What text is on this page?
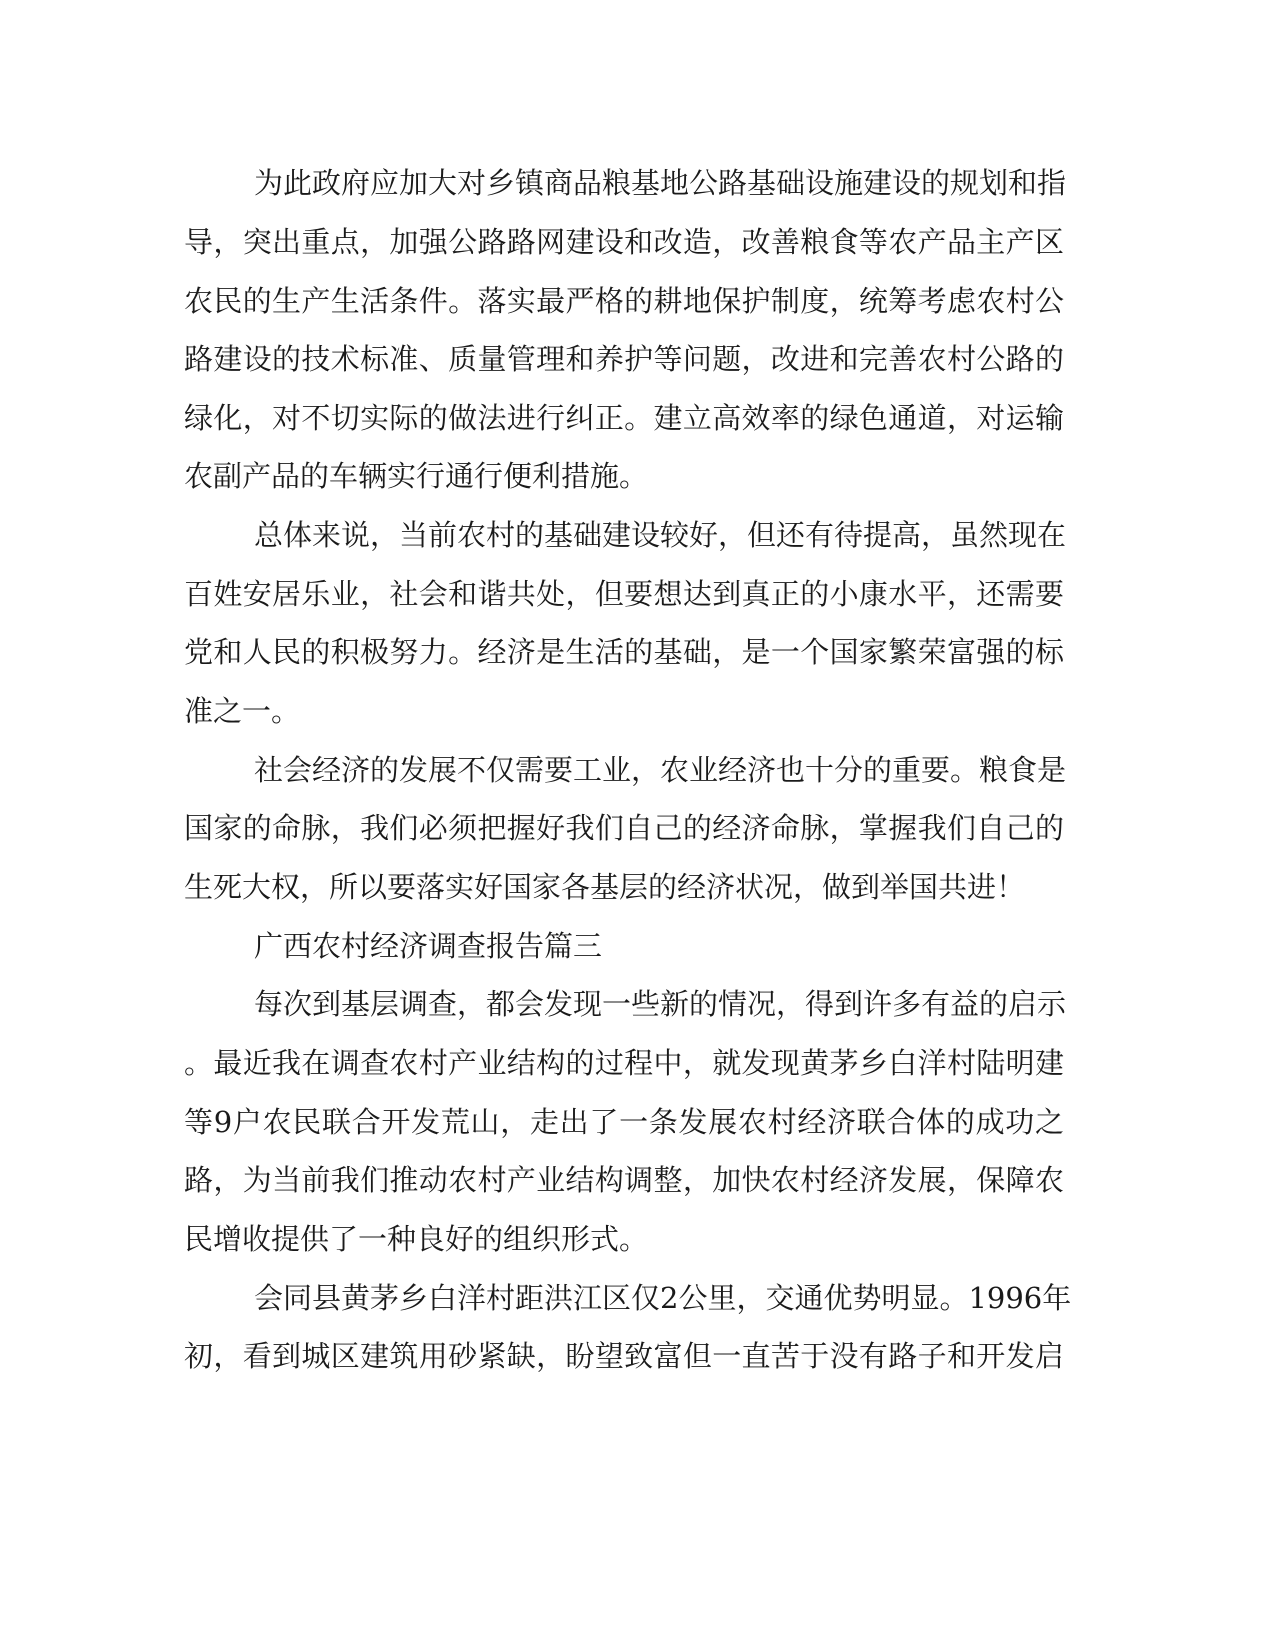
为此政府应加大对乡镇商品粮基地公路基础设施建设的规划和指
导，突出重点，加强公路路网建设和改造，改善粮食等农产品主产区
农民的生产生活条件。落实最严格的耕地保护制度，统筹考虑农村公
路建设的技术标准、质量管理和养护等问题，改进和完善农村公路的
绿化，对不切实际的做法进行纠正。建立高效率的绿色通道，对运输
农副产品的车辆实行通行便利措施。
总体来说，当前农村的基础建设较好，但还有待提高，虽然现在
百姓安居乐业，社会和谐共处，但要想达到真正的小康水平，还需要
党和人民的积极努力。经济是生活的基础，是一个国家繁荣富强的标
准之一。
社会经济的发展不仅需要工业，农业经济也十分的重要。粮食是
国家的命脉，我们必须把握好我们自己的经济命脉，掌握我们自己的
生死大权，所以要落实好国家各基层的经济状况，做到举国共进！
广西农村经济调查报告篇三
每次到基层调查，都会发现一些新的情况，得到许多有益的启示
。最近我在调查农村产业结构的过程中，就发现黄茅乡白洋村陆明建
等9户农民联合开发荒山，走出了一条发展农村经济联合体的成功之
路，为当前我们推动农村产业结构调整，加快农村经济发展，保障农
民增收提供了一种良好的组织形式。
会同县黄茅乡白洋村距洪江区仅2公里，交通优势明显。1996年
初，看到城区建筑用砂紧缺，盼望致富但一直苦于没有路子和开发启
